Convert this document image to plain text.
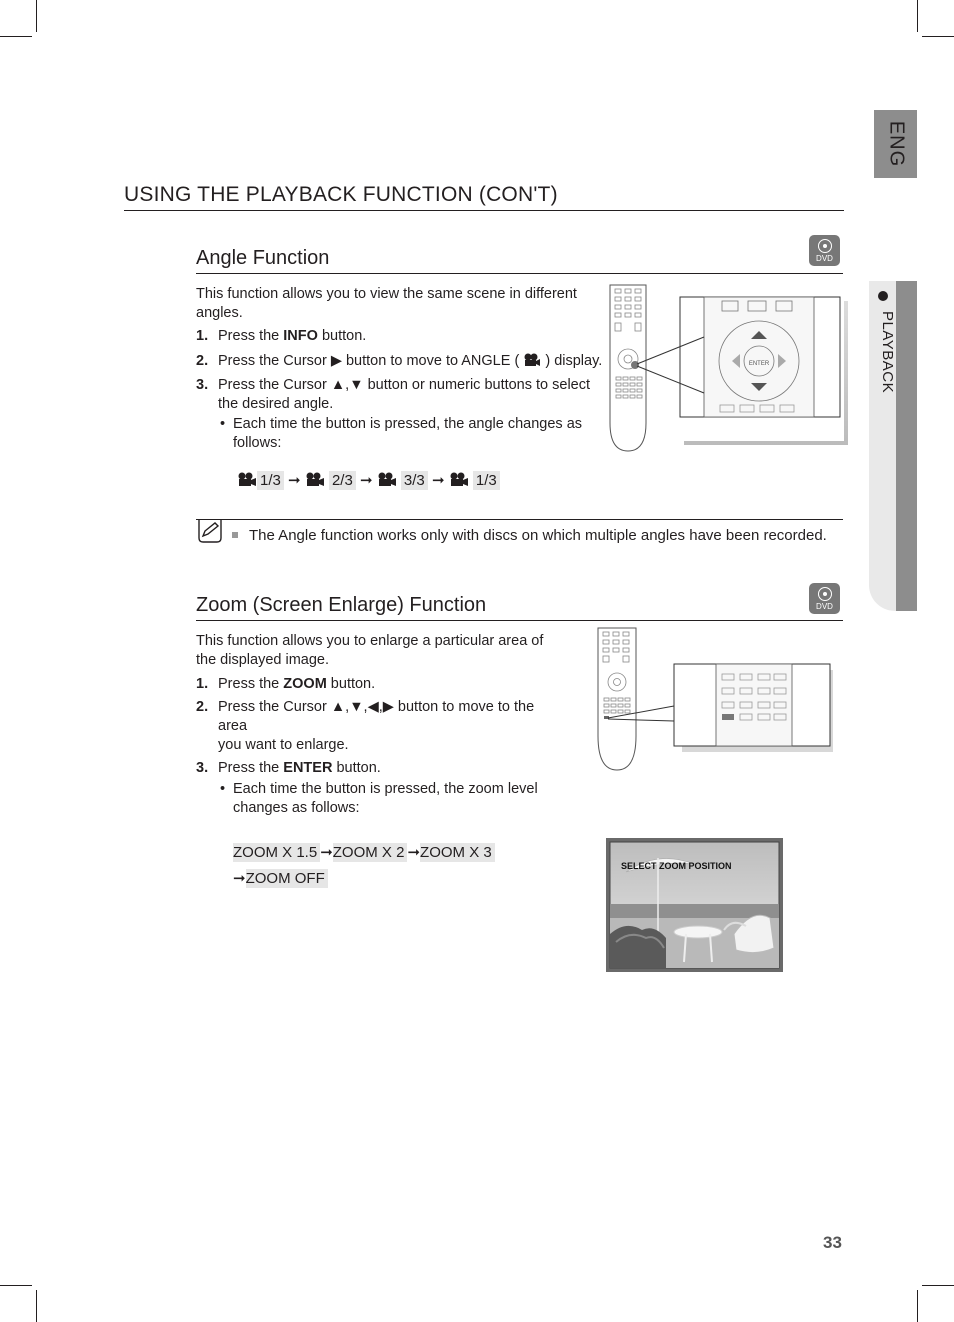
ENG
PLAYBACK
USING THE PLAYBACK FUNCTION (CON'T)
Angle Function	DVD
This function allows you to view the same scene in different
angles.
1. Press the INFO button.
2. Press the Cursor ▶ button to move to ANGLE (  ) display.
3. Press the Cursor ▲,▼ button or numeric buttons to select
the desired angle.
• Each time the button is pressed, the angle changes as
follows:
1/3 ➞ 2/3 ➞ 3/3 ➞ 1/3
ENTER
The Angle function works only with discs on which multiple angles have been recorded.
Zoom (Screen Enlarge) Function	DVD
This function allows you to enlarge a particular area of
the displayed image.
1. Press the ZOOM button.
2. Press the Cursor ▲,▼,◀,▶ button to move to the
area
you want to enlarge.
3. Press the ENTER button.
• Each time the button is pressed, the zoom level
changes as follows:
ZOOM X 1.5 ➞ZOOM X 2 ➞ZOOM X 3
➞ZOOM OFF
SELECT ZOOM POSITION
33
